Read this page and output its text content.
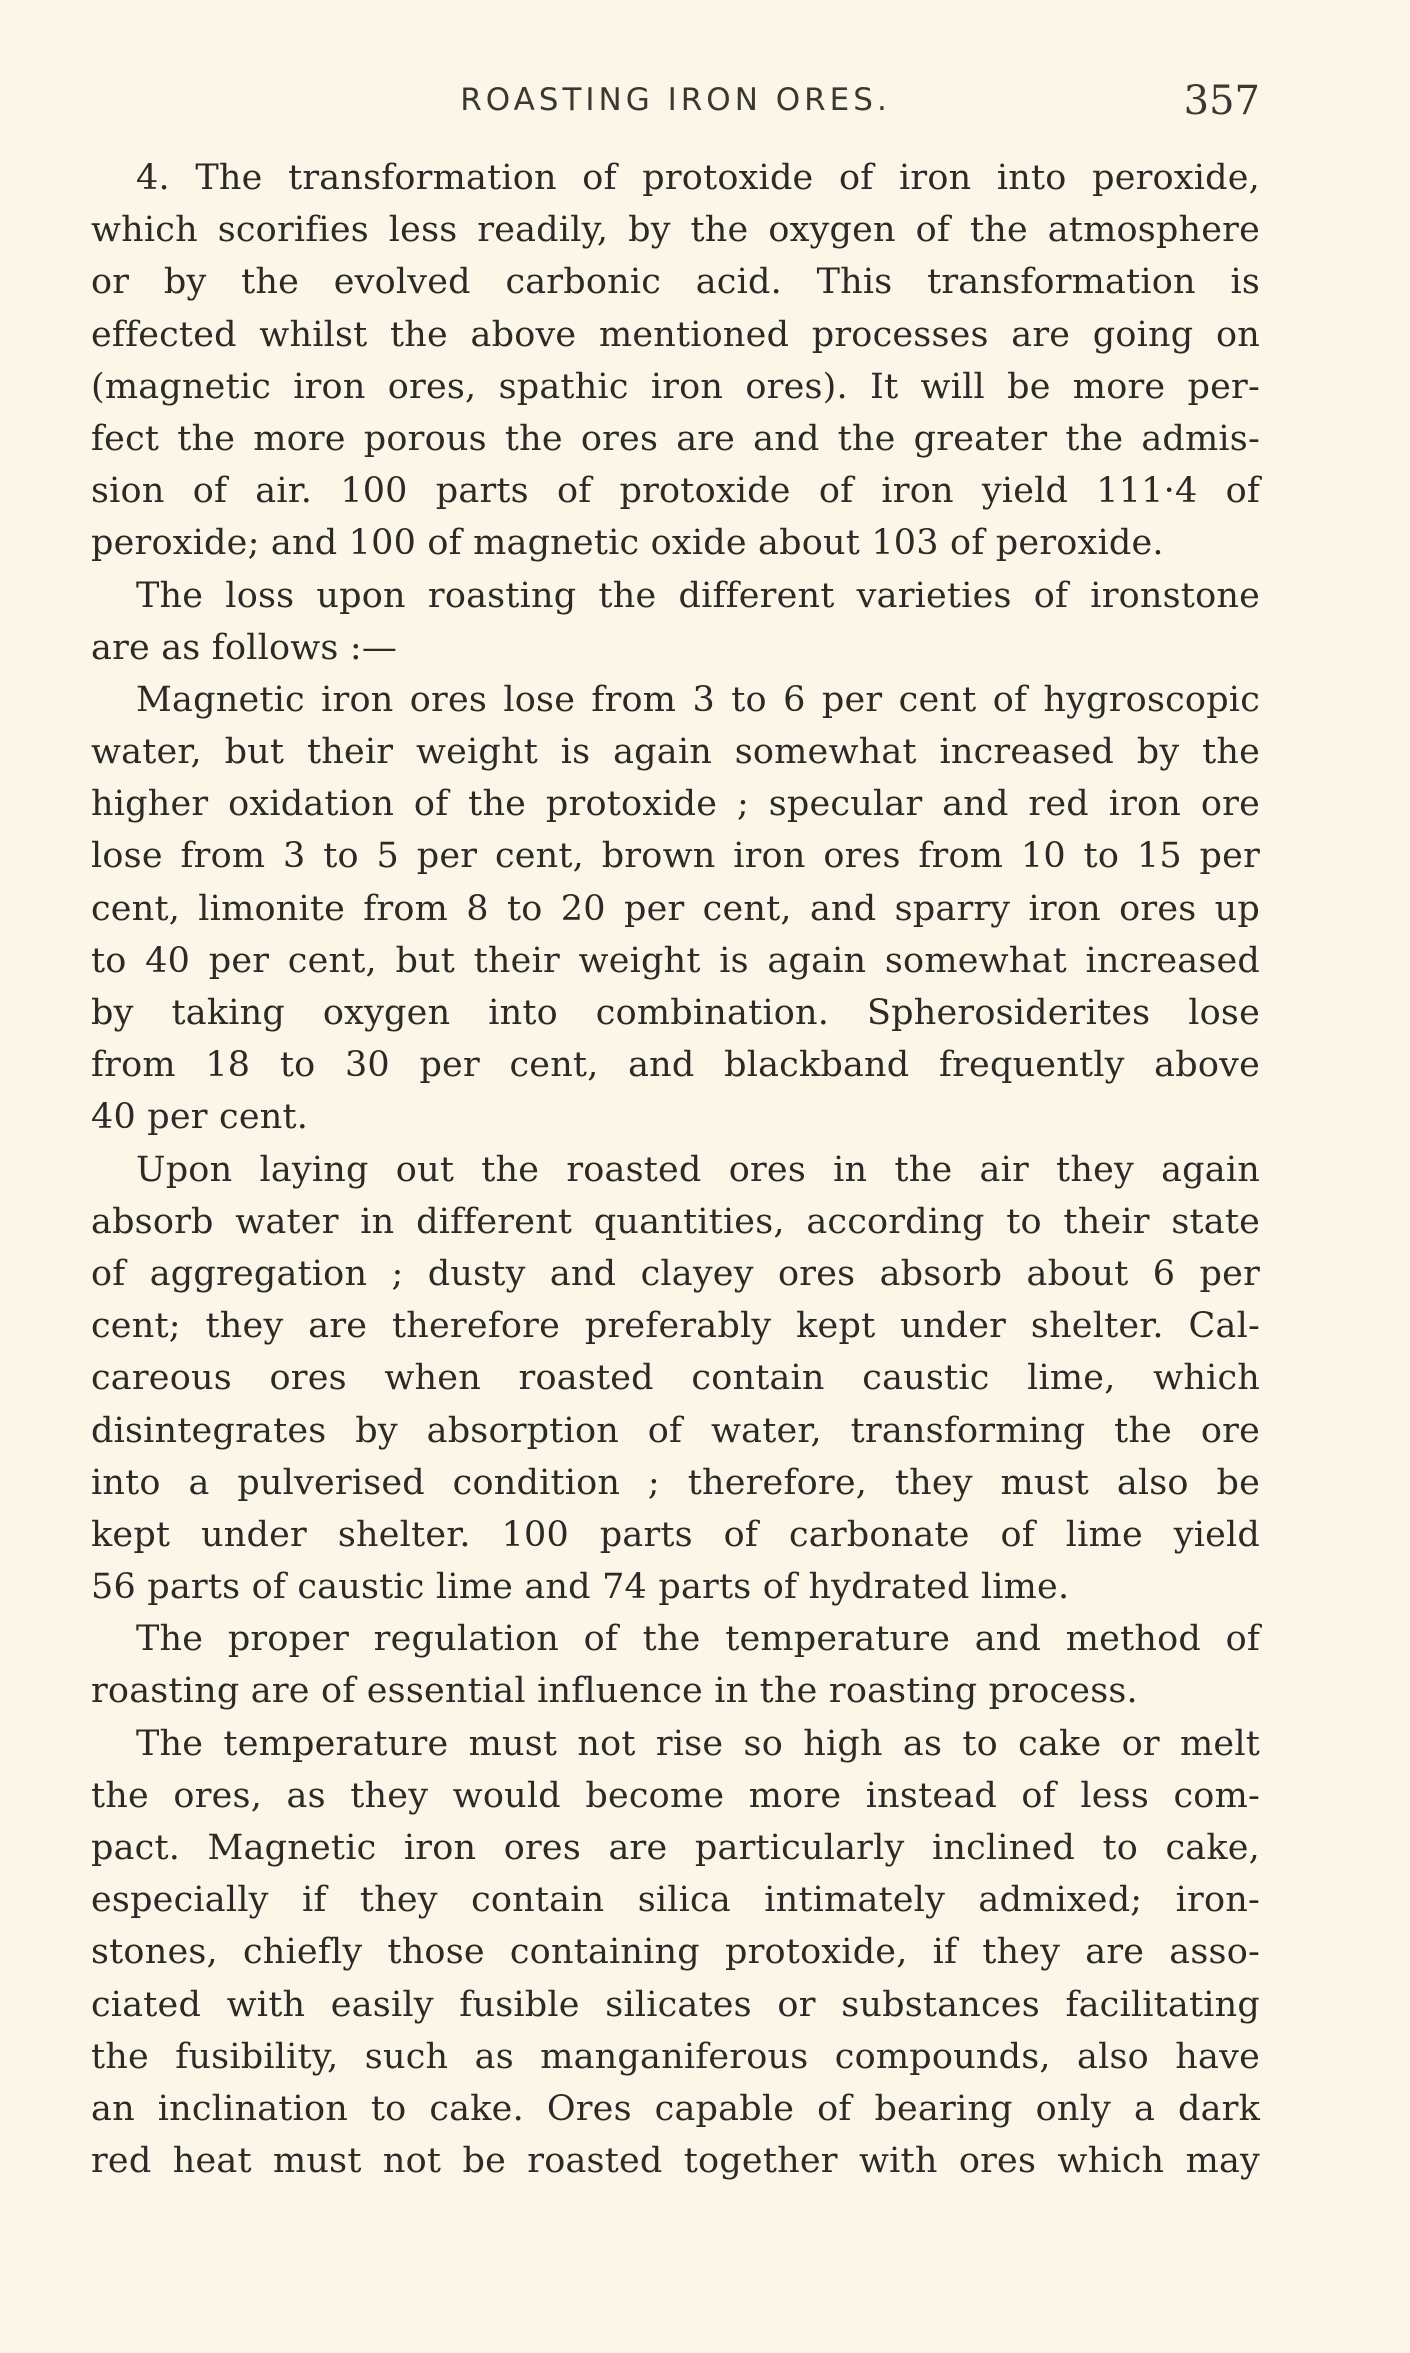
ROASTING IRON ORES.	357
4. The transformation of protoxide of iron into peroxide,
which scorifies less readily, by the oxygen of the atmosphere
or by the evolved carbonic acid. This transformation is
effected whilst the above mentioned processes are going on
(magnetic iron ores, spathic iron ores). It will be more per-
fect the more porous the ores are and the greater the admis-
sion of air. 100 parts of protoxide of iron yield 111·4 of
peroxide; and 100 of magnetic oxide about 103 of peroxide.
The loss upon roasting the different varieties of ironstone
are as follows :—
Magnetic iron ores lose from 3 to 6 per cent of hygroscopic
water, but their weight is again somewhat increased by the
higher oxidation of the protoxide ; specular and red iron ore
lose from 3 to 5 per cent, brown iron ores from 10 to 15 per
cent, limonite from 8 to 20 per cent, and sparry iron ores up
to 40 per cent, but their weight is again somewhat increased
by taking oxygen into combination. Spherosiderites lose
from 18 to 30 per cent, and blackband frequently above
40 per cent.
Upon laying out the roasted ores in the air they again
absorb water in different quantities, according to their state
of aggregation ; dusty and clayey ores absorb about 6 per
cent; they are therefore preferably kept under shelter. Cal-
careous ores when roasted contain caustic lime, which
disintegrates by absorption of water, transforming the ore
into a pulverised condition ; therefore, they must also be
kept under shelter. 100 parts of carbonate of lime yield
56 parts of caustic lime and 74 parts of hydrated lime.
The proper regulation of the temperature and method of
roasting are of essential influence in the roasting process.
The temperature must not rise so high as to cake or melt
the ores, as they would become more instead of less com-
pact. Magnetic iron ores are particularly inclined to cake,
especially if they contain silica intimately admixed; iron-
stones, chiefly those containing protoxide, if they are asso-
ciated with easily fusible silicates or substances facilitating
the fusibility, such as manganiferous compounds, also have
an inclination to cake. Ores capable of bearing only a dark
red heat must not be roasted together with ores which may
